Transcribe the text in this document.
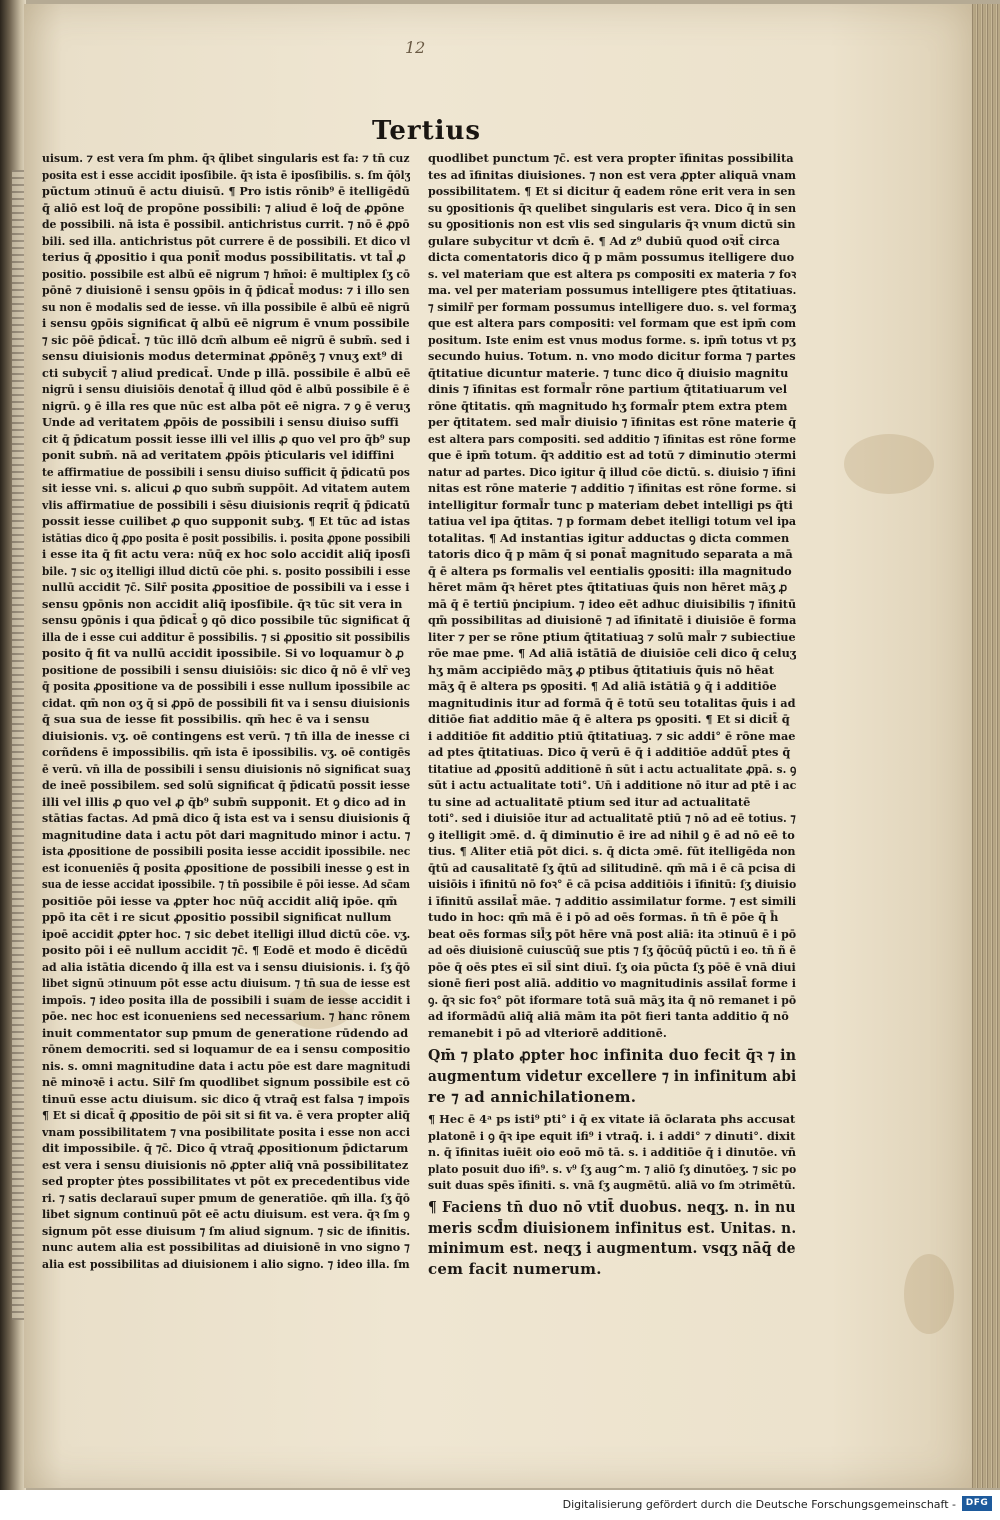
12
Tertius
uisum. ⁊ est vera ſm phm. q̄ꝛ q̄libet singularis est fa: ⁊ tn̄ cuz
posita est i esse accidit iposſibile. q̄ꝛ ista ē iposſibilis. s. ſm q̄ōlʒ
pūctum ɔtinuū ē actu diuisū. ¶ Pro istis rōnib⁹ ē itelligēdū
q̄ aliō est loq̄ de propōne possibili: ⁊ aliud ē loq̄ de ꝓpōne
de possibili. nā ista ē possibil. antichristus currit. ⁊ nō ē ꝓpō
bili. sed illa. antichristus pōt currere ē de possibili. Et dico vl
terius q̄ ꝓpositio i qua ponit̄ modus possibilitatis. vt tal̄ ꝓ
positio. possibile est albū eē nigrum ⁊ hm̄oi: ē multiplex ſʒ cō
pōnē ⁊ diuisionē i sensu ꝯpōis in q̄ p̄dicat̄ modus: ⁊ i illo sen
su non ē modalis sed de iesse. vn̄ illa possibile ē albū eē nigrū
i sensu ꝯpōis significat q̄ albū eē nigrum ē vnum possibile
⁊ sic pōē p̄dicat̄. ⁊ tūc illō dcm̄ album eē nigrū ē subm̄. sed i
sensu diuisionis modus determinat ꝓpōnēʒ ⁊ vnuʒ ext⁹ di
cti subycit̄ ⁊ aliud predicat̄. Unde p illā. possibile ē albū eē
nigrū i sensu diuisiōis denotat̄ q̄ illud qōd ē albū possibile ē ē
nigrū. ꝯ ē illa res que nūc est alba pōt eē nigra. ⁊ ꝯ ē veruʒ
Unde ad veritatem ꝓpōis de possibili i sensu diuiso suffi
cit q̄ p̄dicatum possit iesse illi vel illis ꝓ quo vel pro q̄b⁹ sup
ponit subm̄. nā ad veritatem ꝓpōis ṗticularis vel idiffini
te affirmatiue de possibili i sensu diuiso sufficit q̄ p̄dicatū pos
sit iesse vni. s. alicui ꝓ quo subm̄ suppōit. Ad vitatem autem
vlis affirmatiue de possibili i sēsu diuisionis reqrit̄ q̄ p̄dicatū
possit iesse cuilibet ꝓ quo supponit subʒ. ¶ Et tūc ad istas
istātias dico q̄ ꝓpo posita ē posit possibilis. i. posita ꝓpone possibili
i esse ita q̄ fit actu vera: nūq̄ ex hoc solo accidit aliq̄ iposſi
bile. ⁊ sic oʒ itelligi illud dictū cōe phi. s. posito possibili i esse
nullū accidit ⁊c̄. Silr̄ posita ꝓpositioe de possibili va i esse i
sensu ꝯpōnis non accidit aliq̄ iposſibile. q̄ꝛ tūc sit vera in
sensu ꝯpōnis i qua p̄dicat̄ ꝯ qō dico possibile tūc significat q̄
illa de i esse cui additur ē possibilis. ⁊ si ꝓpositio sit possibilis
posito q̄ fit va nullū accidit ipossibile. Si vo loquamur ꝺ ꝓ
positione de possibili i sensu diuisiōis: sic dico q̄ nō ē vlr̄ veꝫ
q̄ posita ꝓpositione va de possibili i esse nullum ipossibile ac
cidat. qm̄ non oʒ q̄ si ꝓpō de possibili fit va i sensu diuisionis
q̄ sua sua de iesse fit possibilis. qm̄ hec ē va i sensu
diuisionis. vʒ. oē contingens est verū. ⁊ tn̄ illa de inesse ci
corñdens ē impossibilis. qm̄ ista ē ipossibilis. vʒ. oē contigēs
ē verū. vn̄ illa de possibili i sensu diuisionis nō significat suaʒ
de ineē possibilem. sed solū significat q̄ p̄dicatū possit iesse
illi vel illis ꝓ quo vel ꝓ q̄b⁹ subm̄ supponit. Et ꝯ dico ad in
stātias factas. Ad pmā dico q̄ ista est va i sensu diuisionis q̄
magnitudine data i actu pōt dari magnitudo minor i actu. ⁊
ista ꝓpositione de possibili posita iesse accidit ipossibile. nec
est iconueniēs q̄ posita ꝓpositione de possibili inesse ꝯ est in
sua de iesse accidat ipossibile. ⁊ tn̄ possibile ē pōi iesse. Ad sc̄am
positiōe pōi iesse va ꝓpter hoc nūq̄ accidit aliq̄ ipōe. qm̄
ppō ita cēt i re sicut ꝓpositio possibil significat nullum
ipoē accidit ꝓpter hoc. ⁊ sic debet itelligi illud dictū cōe. vʒ.
posito pōi i eē nullum accidit ⁊c̄. ¶ Eodē et modo ē dicēdū
ad alia istātia dicendo q̄ illa est va i sensu diuisionis. i. ſʒ q̄ō
libet signū ɔtinuum pōt esse actu diuisum. ⁊ tn̄ sua de iesse est
impoīs. ⁊ ideo posita illa de possibili i suam de iesse accidit i
pōe. nec hoc est iconueniens sed necessarium. ⁊ hanc rōnem
inuit commentator sup pmum de generatione rūdendo ad
rōnem democriti. sed si loquamur de ea i sensu compositio
nis. s. omni magnitudine data i actu pōe est dare magnitudi
nē minoꝛē i actu. Silr̄ ſm quodlibet signum possibile est cō
tinuū esse actu diuisum. sic dico q̄ vtraq̄ est falsa ⁊ impoīs
¶ Et si dicat̄ q̄ ꝓpositio de pōi sit si fit va. ē vera propter aliq̄
vnam possibilitatem ⁊ vna posibilitate posita i esse non acci
dit impossibile. q̄ ⁊c̄. Dico q̄ vtraq̄ ꝓpositionum p̄dictarum
est vera i sensu diuisionis nō ꝓpter aliq̄ vnā possibilitatez
sed propter ṗtes possibilitates vt pōt ex precedentibus vide
ri. ⁊ satis declarauī super pmum de generatiōe. qm̄ illa. ſʒ q̄ō
libet signum continuū pōt eē actu diuisum. est vera. q̄ꝛ ſm ꝯ
signum pōt esse diuisum ⁊ ſm aliud signum. ⁊ sic de ifinitis.
nunc autem alia est possibilitas ad diuisionē in vno signo ⁊
alia est possibilitas ad diuisionem i alio signo. ⁊ ideo illa. ſm
quodlibet punctum ⁊c̄. est vera propter īfinitas possibilita
tes ad īfinitas diuisiones. ⁊ non est vera ꝓpter aliquā vnam
possibilitatem. ¶ Et si dicitur q̄ eadem rōne erit vera in sen
su ꝯpositionis q̄ꝛ quelibet singularis est vera. Dico q̄ in sen
su ꝯpositionis non est vlis sed singularis q̄ꝛ vnum dictū sin
gulare subycitur vt dcm̄ ē. ¶ Ad z⁹ dubiū quod oꝛit̄ circa
dicta comentatoris dico q̄ p mām possumus itelligere duo
s. vel materiam que est altera ps compositi ex materia ⁊ foꝛ
ma. vel per materiam possumus intelligere ptes q̄titatiuas.
⁊ similr̄ per formam possumus intelligere duo. s. vel formaʒ
que est altera pars compositi: vel formam que est ipm̄ com
positum. Iste enim est vnus modus forme. s. ipm̄ totus vt pʒ
secundo huius. Totum. n. vno modo dicitur forma ⁊ partes
q̄titatiue dicuntur materie. ⁊ tunc dico q̄ diuisio magnitu
dinis ⁊ īfinitas est formal̄r rōne partium q̄titatiuarum vel
rōne q̄titatis. qm̄ magnitudo hʒ formal̄r ptem extra ptem
per q̄titatem. sed mal̄r diuisio ⁊ īfinitas est rōne materie q̄
est altera pars compositi. sed additio ⁊ īfinitas est rōne forme
que ē ipm̄ totum. q̄ꝛ additio est ad totū ⁊ diminutio ɔtermi
natur ad partes. Dico igitur q̄ illud cōe dictū. s. diuisio ⁊ īfini
nitas est rōne materie ⁊ additio ⁊ īfinitas est rōne forme. si
intelligitur formal̄r tunc p materiam debet intelligi ps q̄ti
tatiua vel ipa q̄titas. ⁊ p formam debet itelligi totum vel ipa
totalitas. ¶ Ad instantias igitur adductas ꝯ dicta commen
tatoris dico q̄ p mām q̄ si ponat̄ magnitudo separata a mā
q̄ ē altera ps formalis vel eentialis ꝯpositi: illa magnitudo
hēret mām q̄ꝛ hēret ptes q̄titatiuas q̄uis non hēret māʒ ꝓ
mā q̄ ē tertiū ṗncipium. ⁊ ideo eēt adhuc diuisibilis ⁊ īfinitū
qm̄ possibilitas ad diuisionē ⁊ ad īfinitatē i diuisiōe ē forma
liter ⁊ per se rōne ptium q̄titatiuaꝫ ⁊ solū mal̄r ⁊ subiectiue
rōe mae pme. ¶ Ad aliā istātiā de diuisiōe celi dico q̄ celuʒ
hʒ mām accipiēdo māʒ ꝓ ptibus q̄titatiuis q̄uis nō hēat
māʒ q̄ ē altera ps ꝯpositi. ¶ Ad aliā istātiā ꝯ q̄ i additiōe
magnitudinis itur ad formā q̄ ē totū seu totalitas q̄uis i ad
ditiōe fiat additio māe q̄ ē altera ps ꝯpositi. ¶ Et si dicit̄ q̄
i additiōe fit additio ptiū q̄titatiuaꝫ. ⁊ sic addi° ē rōne mae
ad ptes q̄titatiuas. Dico q̄ verū ē q̄ i additiōe addūt̄ ptes q̄
titatiue ad ꝓpositū additionē n̄ sūt i actu actualitate ꝓpā. s. ꝯ
sūt i actu actualitate toti°. Un̄ i additione nō itur ad ptē i ac
tu sine ad actualitatē ptium sed itur ad actualitatē
toti°. sed i diuisiōe itur ad actualitatē ptiū ⁊ nō ad eē totius. ⁊
ꝯ itelligit ɔmē. d. q̄ diminutio ē ire ad nihil ꝯ ē ad nō eē to
tius. ¶ Aliter etiā pōt dici. s. q̄ dicta ɔmē. fūt itelligēda non
q̄tū ad causalitatē ſʒ q̄tū ad silitudinē. qm̄ mā i ē cā pcisa di
uisiōis i īfinitū nō foꝛ° ē cā pcisa additiōis i īfinitū: ſʒ diuisio
i īfinitū assilat̄ māe. ⁊ additio assimilatur forme. ⁊ est simili
tudo in hoc: qm̄ mā ē i pō ad oēs formas. n̄ tn̄ ē pōe q̄ h̄
beat oēs formas sil̄ʒ pōt hēre vnā post aliā: ita ɔtinuū ē i pō
ad oēs diuisionē cuiuscūq̄ sue ptis ⁊ ſʒ q̄ōcūq̄ pūctū i eo. tn̄ ñ ē
pōe q̄ oēs ptes eī sil̄ sint diuī. ſʒ oia pūcta ſʒ pōē ē vnā diui
sionē fieri post aliā. additio vo magnitudinis assilat̄ forme i
ꝯ. q̄ꝛ sic foꝛ° pōt iformare totā suā māʒ ita q̄ nō remanet i pō
ad iformādū aliq̄ aliā mām ita pōt fieri tanta additio q̄ nō
remanebit i pō ad vlteriorē additionē.
Qm̄ ⁊ plato ꝓpter hoc infinita duo fecit q̄ꝛ ⁊ in
augmentum videtur excellere ⁊ in infinitum abi
re ⁊ ad annichilationem.
¶ Hec ē 4ᵃ ps isti⁹ pti° i q̄ ex vitate iā ōclarata phs accusat
platonē i ꝯ q̄ꝛ ipe equit ifi⁹ i vtraq̄. i. i addi° ⁊ dinuti°. dixit
n. q̄ īfinitas iuēit oio eoō mō tā. s. i additiōe q̄ i dinutōe. vn̄
plato posuit duo ifi⁹. s. v⁹ ſʒ aug^m. ⁊ aliō ſʒ dinutōeʒ. ⁊ sic po
suit duas spēs īfiniti. s. vnā ſʒ augmētū. aliā vo ſm ɔtrimētū.
¶ Faciens tn̄ duo nō vtit̄ duobus. neqʒ. n. in nu
meris scd̄m diuisionem infinitus est. Unitas. n.
minimum est. neqʒ i augmentum. vsqʒ nāq̄ de
cem facit numerum.
Digitalisierung gefördert durch die Deutsche Forschungsgemeinschaft -	DFG
